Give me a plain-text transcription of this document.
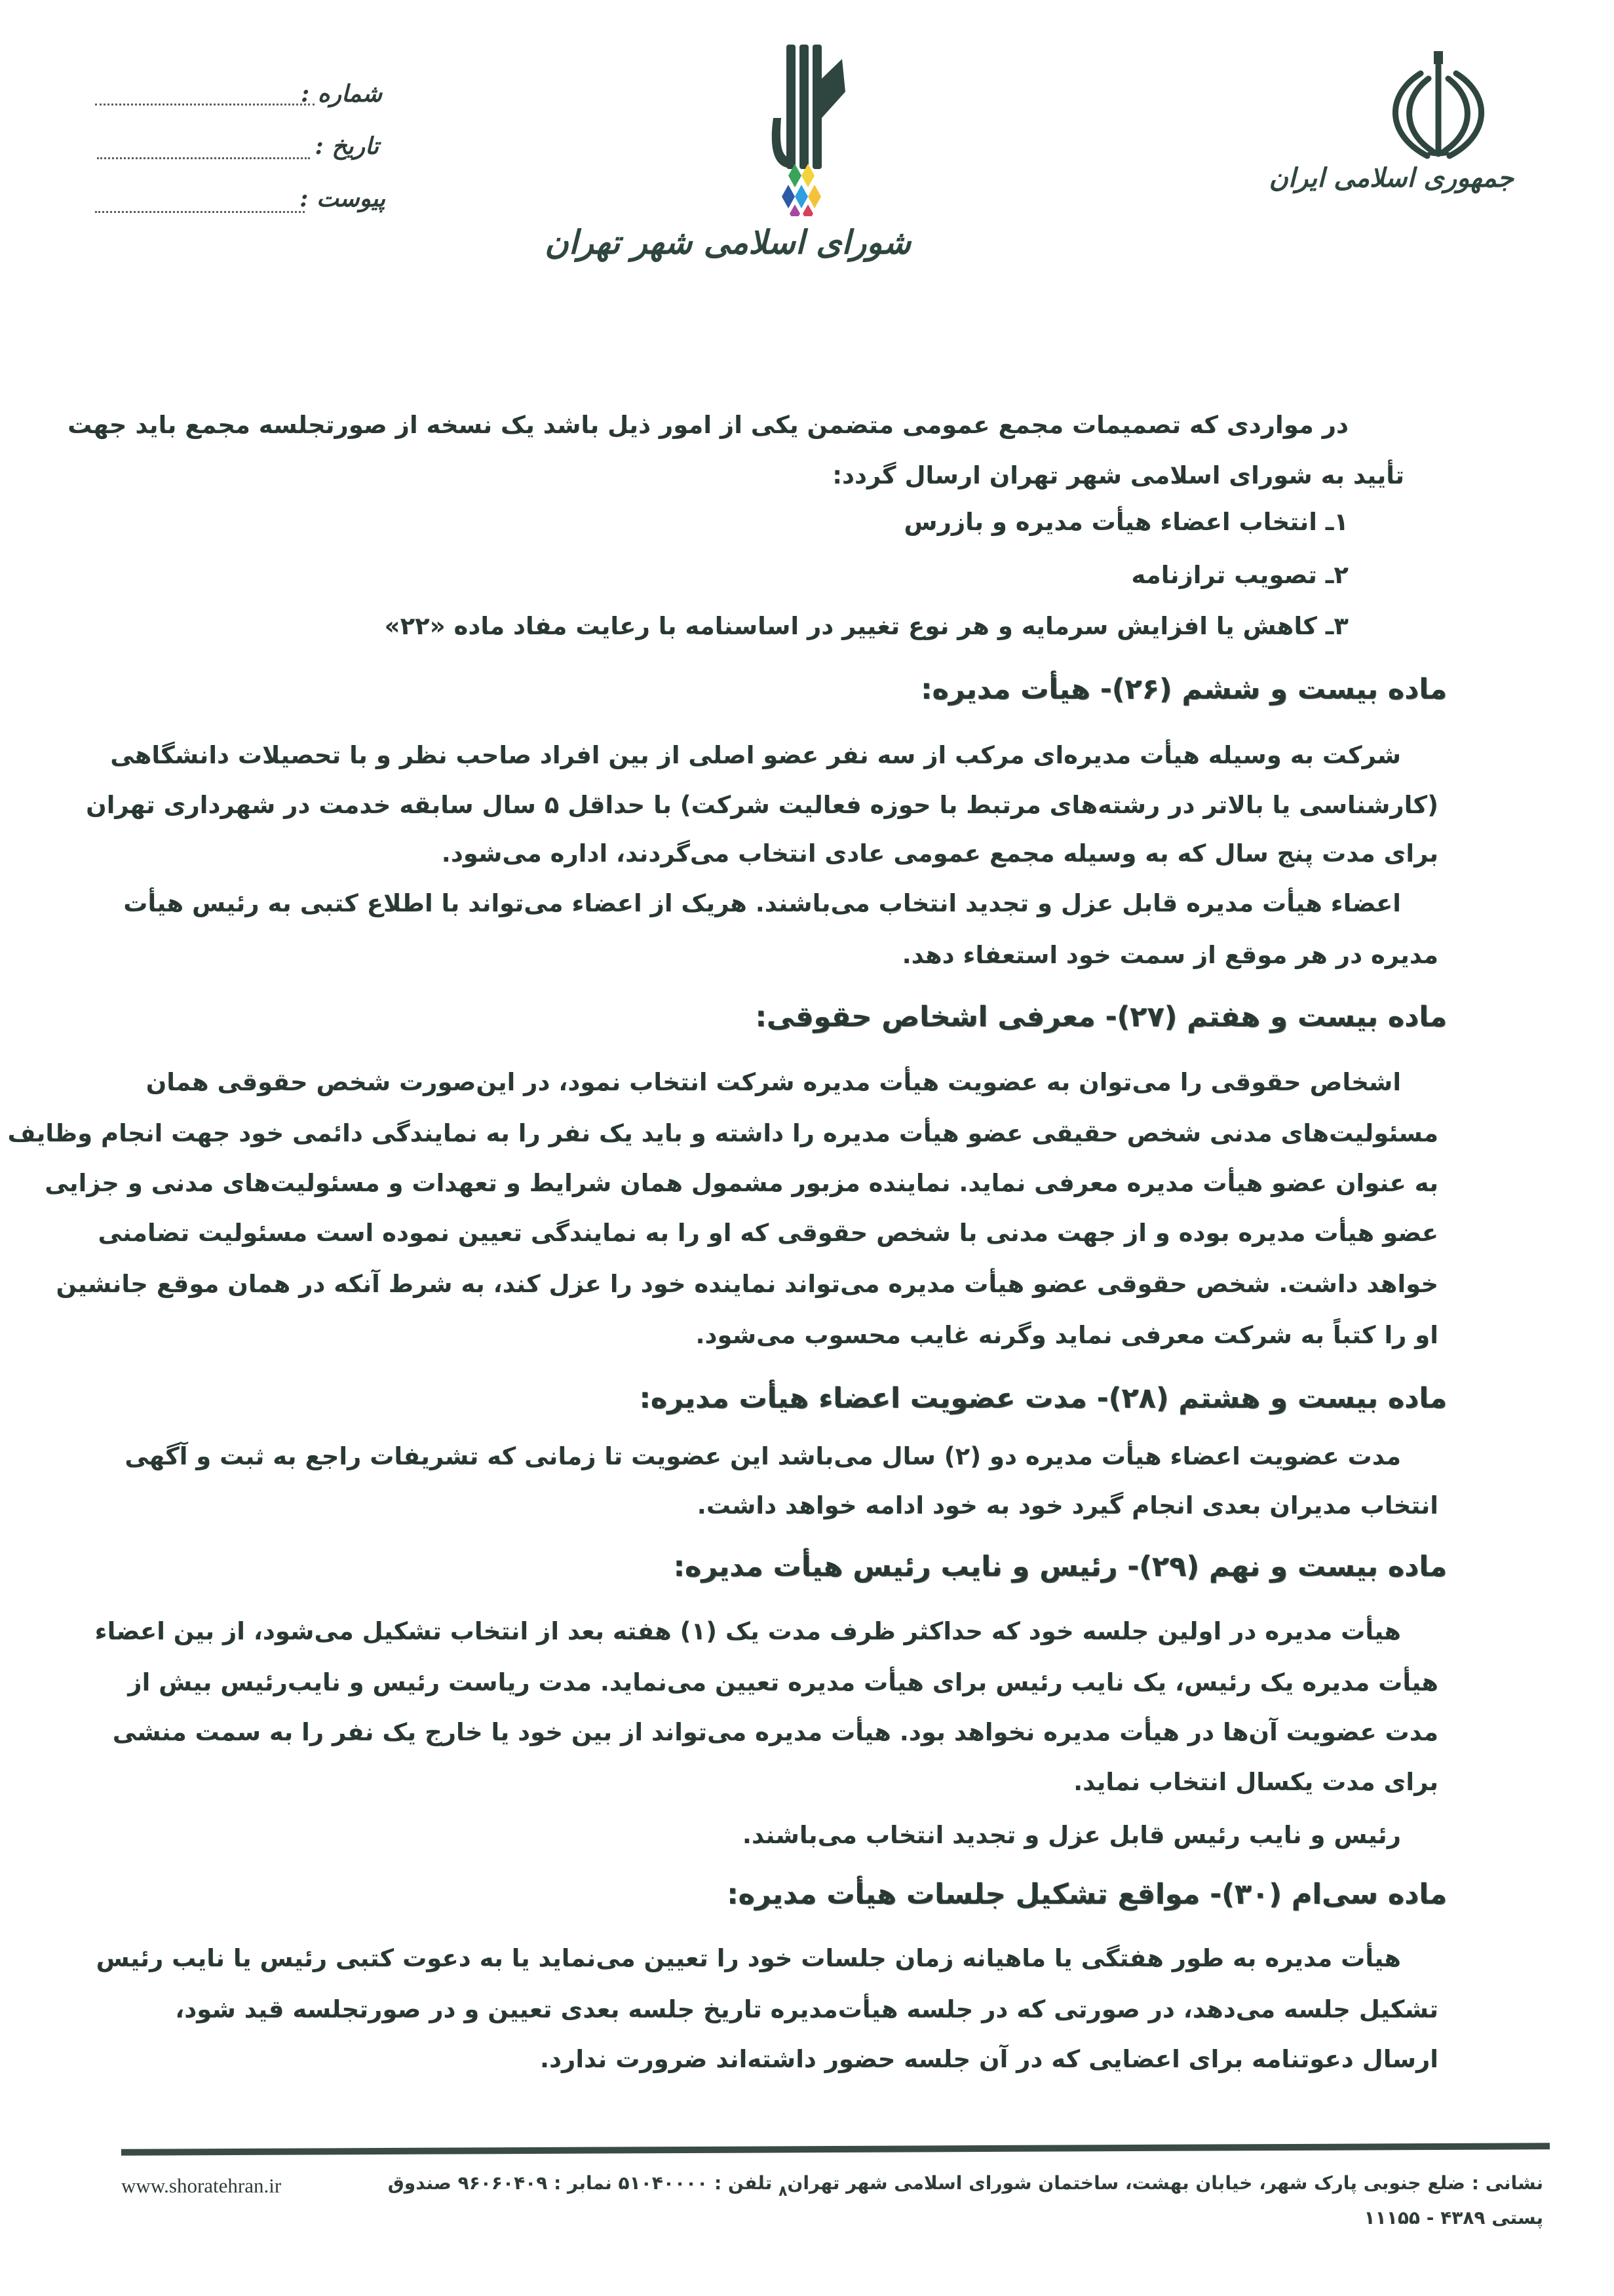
جمهوری اسلامی ایران
شورای اسلامی شهر تهران
شماره :
تاریخ :
پیوست :
در مواردی که تصمیمات مجمع عمومی متضمن یکی از امور ذیل باشد یک نسخه از صورتجلسه مجمع باید جهت
تأیید به شورای اسلامی شهر تهران ارسال گردد:
۱ـ انتخاب اعضاء هیأت مدیره و بازرس
۲ـ تصویب ترازنامه
۳ـ کاهش یا افزایش سرمایه و هر نوع تغییر در اساسنامه با رعایت مفاد ماده «۲۲»
ماده بیست و ششم (۲۶)- هیأت مدیره:
شرکت به وسیله هیأت مدیره‌ای مرکب از سه نفر عضو اصلی از بین افراد صاحب نظر و با تحصیلات دانشگاهی
(کارشناسی یا بالاتر در رشته‌های مرتبط با حوزه فعالیت شرکت) با حداقل ۵ سال سابقه خدمت در شهرداری تهران
برای مدت پنج سال که به وسیله مجمع عمومی عادی انتخاب می‌گردند، اداره می‌شود.
اعضاء هیأت مدیره قابل عزل و تجدید انتخاب می‌باشند. هریک از اعضاء می‌تواند با اطلاع کتبی به رئیس هیأت
مدیره در هر موقع از سمت خود استعفاء دهد.
ماده بیست و هفتم (۲۷)- معرفی اشخاص حقوقی:
اشخاص حقوقی را می‌توان به عضویت هیأت مدیره شرکت انتخاب نمود، در این‌صورت شخص حقوقی همان
مسئولیت‌های مدنی شخص حقیقی عضو هیأت مدیره را داشته و باید یک نفر را به نمایندگی دائمی خود جهت انجام وظایف
به عنوان عضو هیأت مدیره معرفی نماید. نماینده مزبور مشمول همان شرایط و تعهدات و مسئولیت‌های مدنی و جزایی
عضو هیأت مدیره بوده و از جهت مدنی با شخص حقوقی که او را به نمایندگی تعیین نموده است مسئولیت تضامنی
خواهد داشت. شخص حقوقی عضو هیأت مدیره می‌تواند نماینده خود را عزل کند، به شرط آنکه در همان موقع جانشین
او را کتباً به شرکت معرفی نماید وگرنه غایب محسوب می‌شود.
ماده بیست و هشتم (۲۸)- مدت عضویت اعضاء هیأت مدیره:
مدت عضویت اعضاء هیأت مدیره دو (۲) سال می‌باشد این عضویت تا زمانی که تشریفات راجع به ثبت و آگهی
انتخاب مدیران بعدی انجام گیرد خود به خود ادامه خواهد داشت.
ماده بیست و نهم (۲۹)- رئیس و نایب رئیس هیأت مدیره:
هیأت مدیره در اولین جلسه خود که حداکثر ظرف مدت یک (۱) هفته بعد از انتخاب تشکیل می‌شود، از بین اعضاء
هیأت مدیره یک رئیس، یک نایب رئیس برای هیأت مدیره تعیین می‌نماید. مدت ریاست رئیس و نایب‌رئیس بیش از
مدت عضویت آن‌ها در هیأت مدیره نخواهد بود. هیأت مدیره می‌تواند از بین خود یا خارج یک نفر را به سمت منشی
برای مدت یکسال انتخاب نماید.
رئیس و نایب رئیس قابل عزل و تجدید انتخاب می‌باشند.
ماده سی‌ام (۳۰)- مواقع تشکیل جلسات هیأت مدیره:
هیأت مدیره به طور هفتگی یا ماهیانه زمان جلسات خود را تعیین می‌نماید یا به دعوت کتبی رئیس یا نایب رئیس
تشکیل جلسه می‌دهد، در صورتی که در جلسه هیأت‌مدیره تاریخ جلسه بعدی تعیین و در صورتجلسه قید شود،
ارسال دعوتنامه برای اعضایی که در آن جلسه حضور داشته‌اند ضرورت ندارد.
نشانی : ضلع جنوبی پارک شهر، خیابان بهشت، ساختمان شورای اسلامی شهر تهران$_۸$ تلفن : ۵۱۰۴۰۰۰۰ نمابر : ۹۶۰۶۰۴۰۹ صندوق پستی ۴۳۸۹ - ۱۱۱۵۵
www.shoratehran.ir
